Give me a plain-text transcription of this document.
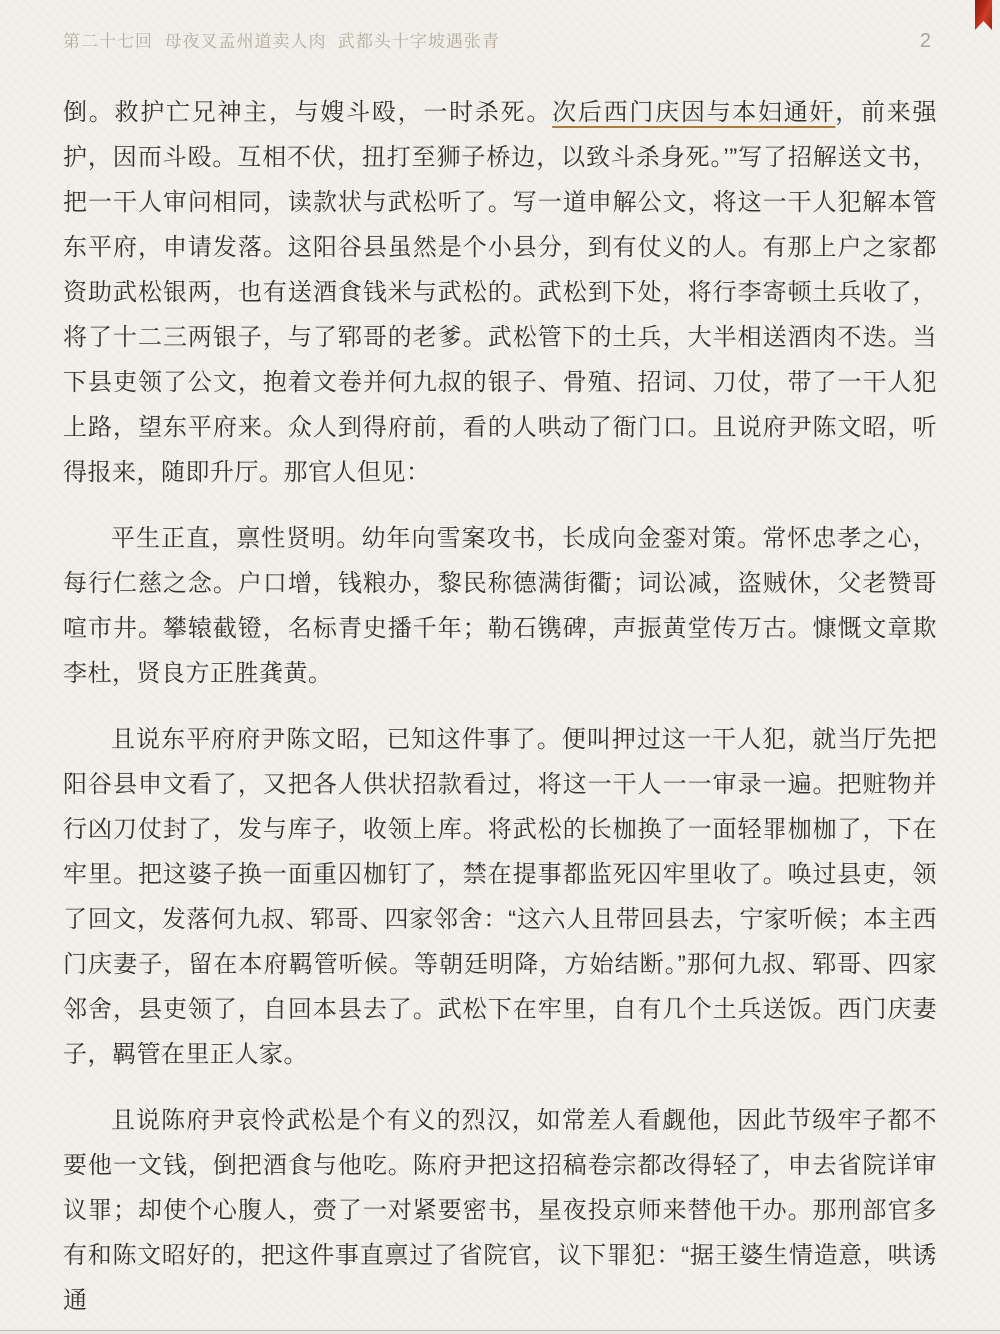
第二十七回  母夜叉孟州道卖人肉  武都头十字坡遇张青	2

倒。救护亡兄神主，与嫂斗殴，一时杀死。次后西门庆因与本妇通奸，前来强护，因而斗殴。互相不伏，扭打至狮子桥边，以致斗杀身死。’”写了招解送文书，把一干人审问相同，读款状与武松听了。写一道申解公文，将这一干人犯解本管东平府，申请发落。这阳谷县虽然是个小县分，到有仗义的人。有那上户之家都资助武松银两，也有送酒食钱米与武松的。武松到下处，将行李寄顿土兵收了，将了十二三两银子，与了郓哥的老爹。武松管下的土兵，大半相送酒肉不迭。当下县吏领了公文，抱着文卷并何九叔的银子、骨殖、招词、刀仗，带了一干人犯上路，望东平府来。众人到得府前，看的人哄动了衙门口。且说府尹陈文昭，听得报来，随即升厅。那官人但见：

平生正直，禀性贤明。幼年向雪案攻书，长成向金銮对策。常怀忠孝之心，每行仁慈之念。户口增，钱粮办，黎民称德满街衢；词讼减，盗贼休，父老赞哥喧市井。攀辕截镫，名标青史播千年；勒石镌碑，声振黄堂传万古。慷慨文章欺李杜，贤良方正胜龚黄。

且说东平府府尹陈文昭，已知这件事了。便叫押过这一干人犯，就当厅先把阳谷县申文看了，又把各人供状招款看过，将这一干人一一审录一遍。把赃物并行凶刀仗封了，发与库子，收领上库。将武松的长枷换了一面轻罪枷枷了，下在牢里。把这婆子换一面重囚枷钉了，禁在提事都监死囚牢里收了。唤过县吏，领了回文，发落何九叔、郓哥、四家邻舍：“这六人且带回县去，宁家听候；本主西门庆妻子，留在本府羁管听候。等朝廷明降，方始结断。”那何九叔、郓哥、四家邻舍，县吏领了，自回本县去了。武松下在牢里，自有几个土兵送饭。西门庆妻子，羁管在里正人家。

且说陈府尹哀怜武松是个有义的烈汉，如常差人看觑他，因此节级牢子都不要他一文钱，倒把酒食与他吃。陈府尹把这招稿卷宗都改得轻了，申去省院详审议罪；却使个心腹人，赍了一对紧要密书，星夜投京师来替他干办。那刑部官多有和陈文昭好的，把这件事直禀过了省院官，议下罪犯：“据王婆生情造意，哄诱通
